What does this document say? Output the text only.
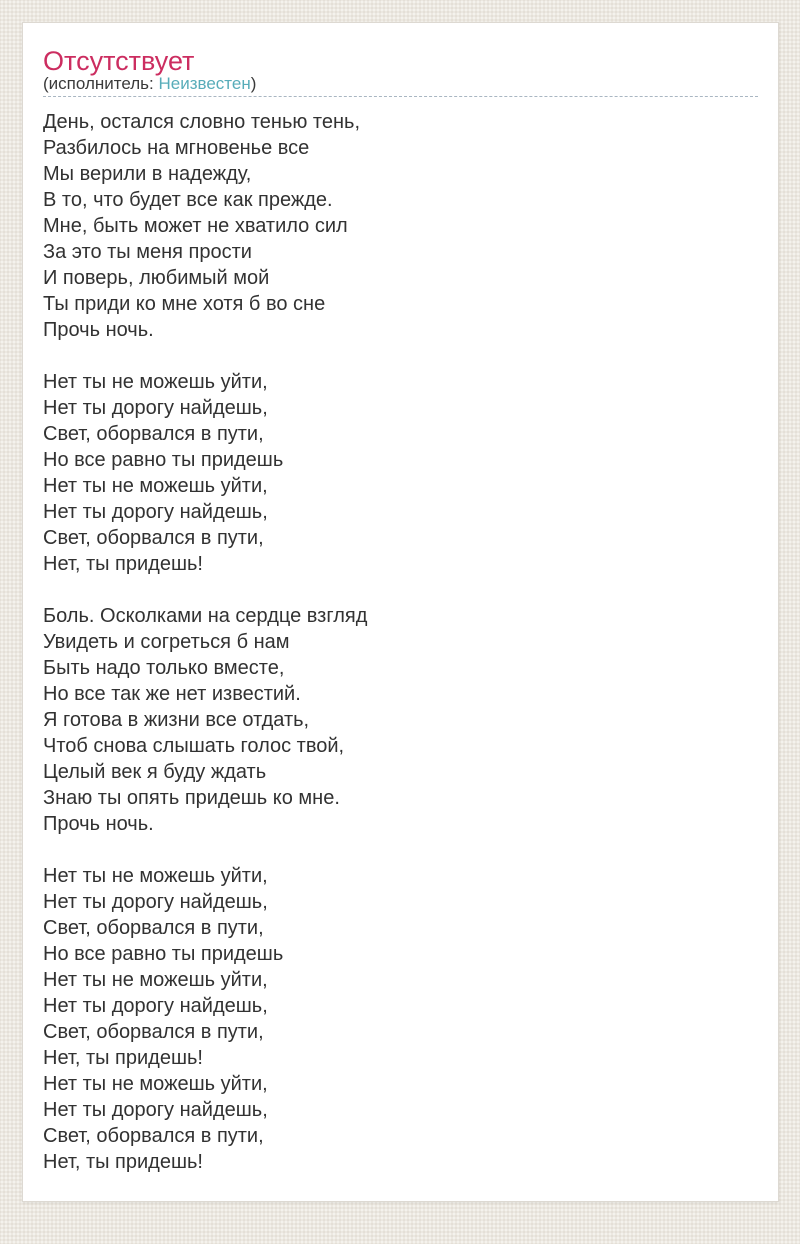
Отсутствует
(исполнитель: Неизвестен)
День, остался словно тенью тень,
Разбилось на мгновенье все
Мы верили в надежду,
В то, что будет все как прежде.
Мне, быть может не хватило сил
За это ты меня прости
И поверь, любимый мой
Ты приди ко мне хотя б во сне
Прочь ночь.
Нет ты не можешь уйти,
Нет ты дорогу найдешь,
Свет, оборвался в пути,
Но все равно ты придешь
Нет ты не можешь уйти,
Нет ты дорогу найдешь,
Свет, оборвался в пути,
Нет, ты придешь!
Боль. Осколками на сердце взгляд
Увидеть и согреться б нам
Быть надо только вместе,
Но все так же нет известий.
Я готова в жизни все отдать,
Чтоб снова слышать голос твой,
Целый век я буду ждать
Знаю ты опять придешь ко мне.
Прочь ночь.
Нет ты не можешь уйти,
Нет ты дорогу найдешь,
Свет, оборвался в пути,
Но все равно ты придешь
Нет ты не можешь уйти,
Нет ты дорогу найдешь,
Свет, оборвался в пути,
Нет, ты придешь!
Нет ты не можешь уйти,
Нет ты дорогу найдешь,
Свет, оборвался в пути,
Нет, ты придешь!
